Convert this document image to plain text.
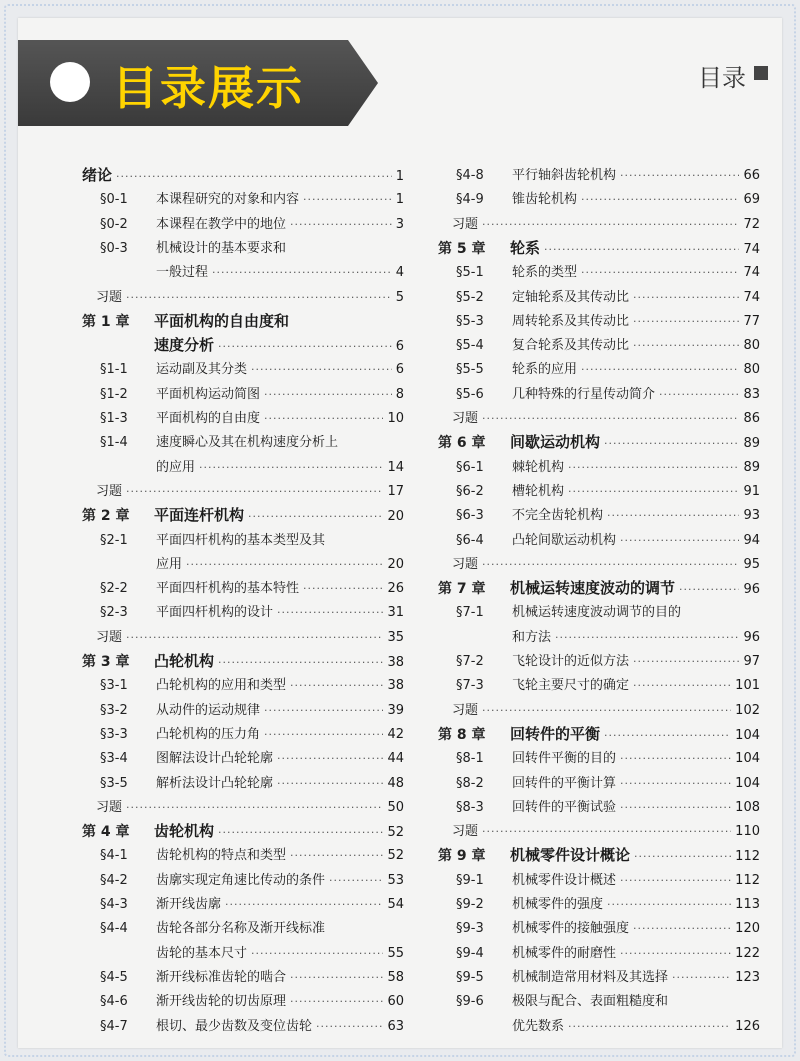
目录展示	目录
绪论 ·····	1
§0-1 本课程研究的对象和内容 ·····	1
§0-2 本课程在教学中的地位 ·····	3
§0-3 机械设计的基本要求和
一般过程 ·····	4
习题 ·····	5
第 1 章 平面机构的自由度和
速度分析 ·····	6
§1-1 运动副及其分类 ·····	6
§1-2 平面机构运动简图 ·····	8
§1-3 平面机构的自由度 ·····	10
§1-4 速度瞬心及其在机构速度分析上
的应用 ·····	14
习题 ·····	17
第 2 章 平面连杆机构 ·····	20
§2-1 平面四杆机构的基本类型及其
应用 ·····	20
§2-2 平面四杆机构的基本特性 ·····	26
§2-3 平面四杆机构的设计 ·····	31
习题 ·····	35
第 3 章 凸轮机构 ·····	38
§3-1 凸轮机构的应用和类型 ·····	38
§3-2 从动件的运动规律 ·····	39
§3-3 凸轮机构的压力角 ·····	42
§3-4 图解法设计凸轮轮廓 ·····	44
§3-5 解析法设计凸轮轮廓 ·····	48
习题 ·····	50
第 4 章 齿轮机构 ·····	52
§4-1 齿轮机构的特点和类型 ·····	52
§4-2 齿廓实现定角速比传动的条件 ·····	53
§4-3 渐开线齿廓 ·····	54
§4-4 齿轮各部分名称及渐开线标准
齿轮的基本尺寸 ·····	55
§4-5 渐开线标准齿轮的啮合 ·····	58
§4-6 渐开线齿轮的切齿原理 ·····	60
§4-7 根切、最少齿数及变位齿轮 ·····	63
§4-8 平行轴斜齿轮机构 ·····	66
§4-9 锥齿轮机构 ·····	69
习题 ·····	72
第 5 章 轮系 ·····	74
§5-1 轮系的类型 ·····	74
§5-2 定轴轮系及其传动比 ·····	74
§5-3 周转轮系及其传动比 ·····	77
§5-4 复合轮系及其传动比 ·····	80
§5-5 轮系的应用 ·····	80
§5-6 几种特殊的行星传动简介 ·····	83
习题 ·····	86
第 6 章 间歇运动机构 ·····	89
§6-1 棘轮机构 ·····	89
§6-2 槽轮机构 ·····	91
§6-3 不完全齿轮机构 ·····	93
§6-4 凸轮间歇运动机构 ·····	94
习题 ·····	95
第 7 章 机械运转速度波动的调节 ·····	96
§7-1 机械运转速度波动调节的目的
和方法 ·····	96
§7-2 飞轮设计的近似方法 ·····	97
§7-3 飞轮主要尺寸的确定 ·····	101
习题 ·····	102
第 8 章 回转件的平衡 ·····	104
§8-1 回转件平衡的目的 ·····	104
§8-2 回转件的平衡计算 ·····	104
§8-3 回转件的平衡试验 ·····	108
习题 ·····	110
第 9 章 机械零件设计概论 ·····	112
§9-1 机械零件设计概述 ·····	112
§9-2 机械零件的强度 ·····	113
§9-3 机械零件的接触强度 ·····	120
§9-4 机械零件的耐磨性 ·····	122
§9-5 机械制造常用材料及其选择 ·····	123
§9-6 极限与配合、表面粗糙度和
优先数系 ·····	126
